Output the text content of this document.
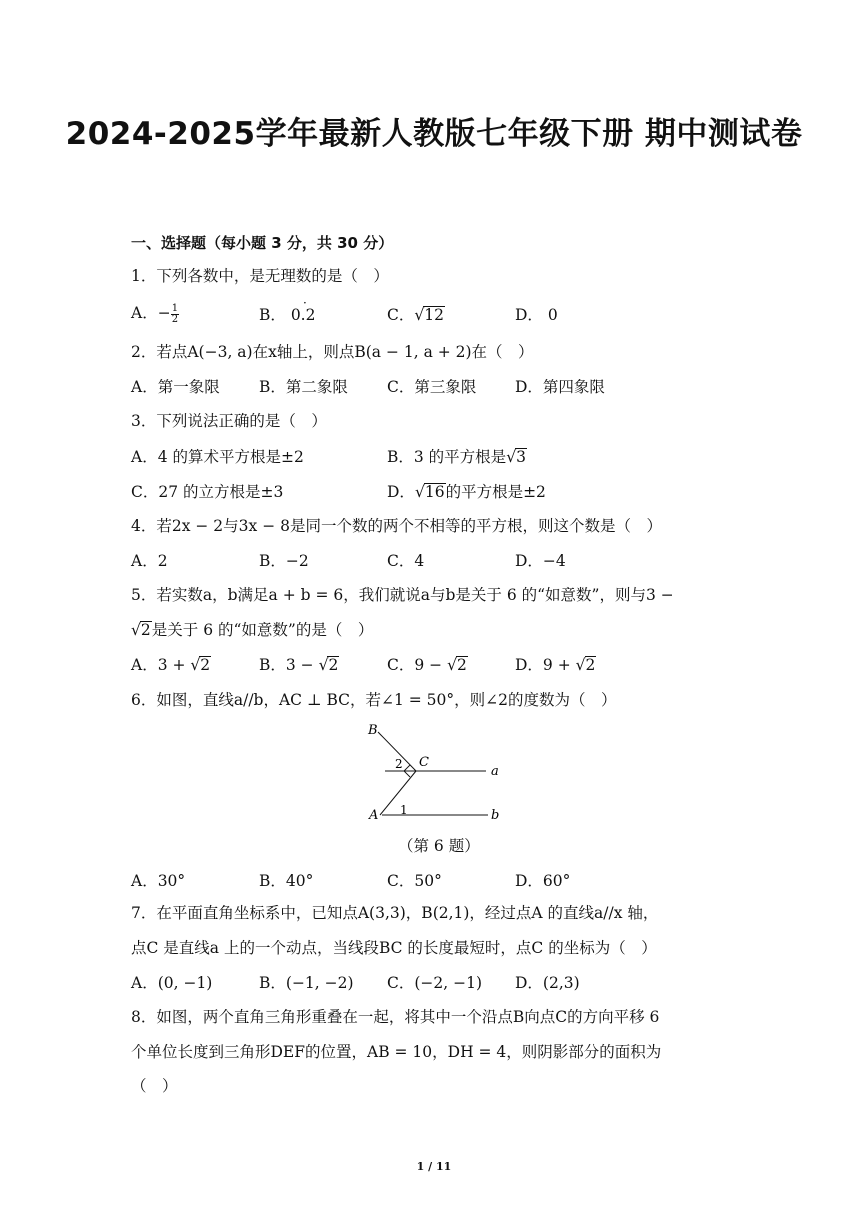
2024-2025学年最新人教版七年级下册 期中测试卷
一、选择题（每小题 3 分，共 30 分）
1．下列各数中，是无理数的是（　）
A．− $\frac{1}{2}$	B． 0.2
·
C．√12	D． 0
2．若点A(−3, a)在x轴上，则点B(a − 1, a + 2)在（　）
A．第一象限	B．第二象限	C．第三象限 D．第四象限
3．下列说法正确的是（　）
A．4 的算术平方根是±2	B．3 的平方根是√3
C．27 的立方根是±3	D．√16的平方根是±2
4．若2x − 2与3x − 8是同一个数的两个不相等的平方根，则这个数是（　）
A．2	B．−2	C．4	D．−4
5．若实数a，b满足a + b = 6，我们就说a与b是关于 6 的“如意数”，则与3 −
√2是关于 6 的“如意数”的是（　）
A．3 + √2	B．3 − √2	C．9 − √2	D．9 + √2
6．如图，直线a//b，AC ⊥ BC，若∠1 = 50°，则∠2的度数为（　）
B
C
2	a
A 1	b
（第 6 题）
A．30°	B．40°	C．50°	D．60°
7．在平面直角坐标系中，已知点A(3,3)，B(2,1)，经过点A 的直线a//x 轴，
点C 是直线a 上的一个动点，当线段BC 的长度最短时，点C 的坐标为（　）
A．(0, −1)	B．(−1, −2) C．(−2, −1) D．(2,3)
8．如图，两个直角三角形重叠在一起，将其中一个沿点B向点C的方向平移 6
个单位长度到三角形DEF的位置，AB = 10，DH = 4，则阴影部分的面积为
（　）
1 / 11
